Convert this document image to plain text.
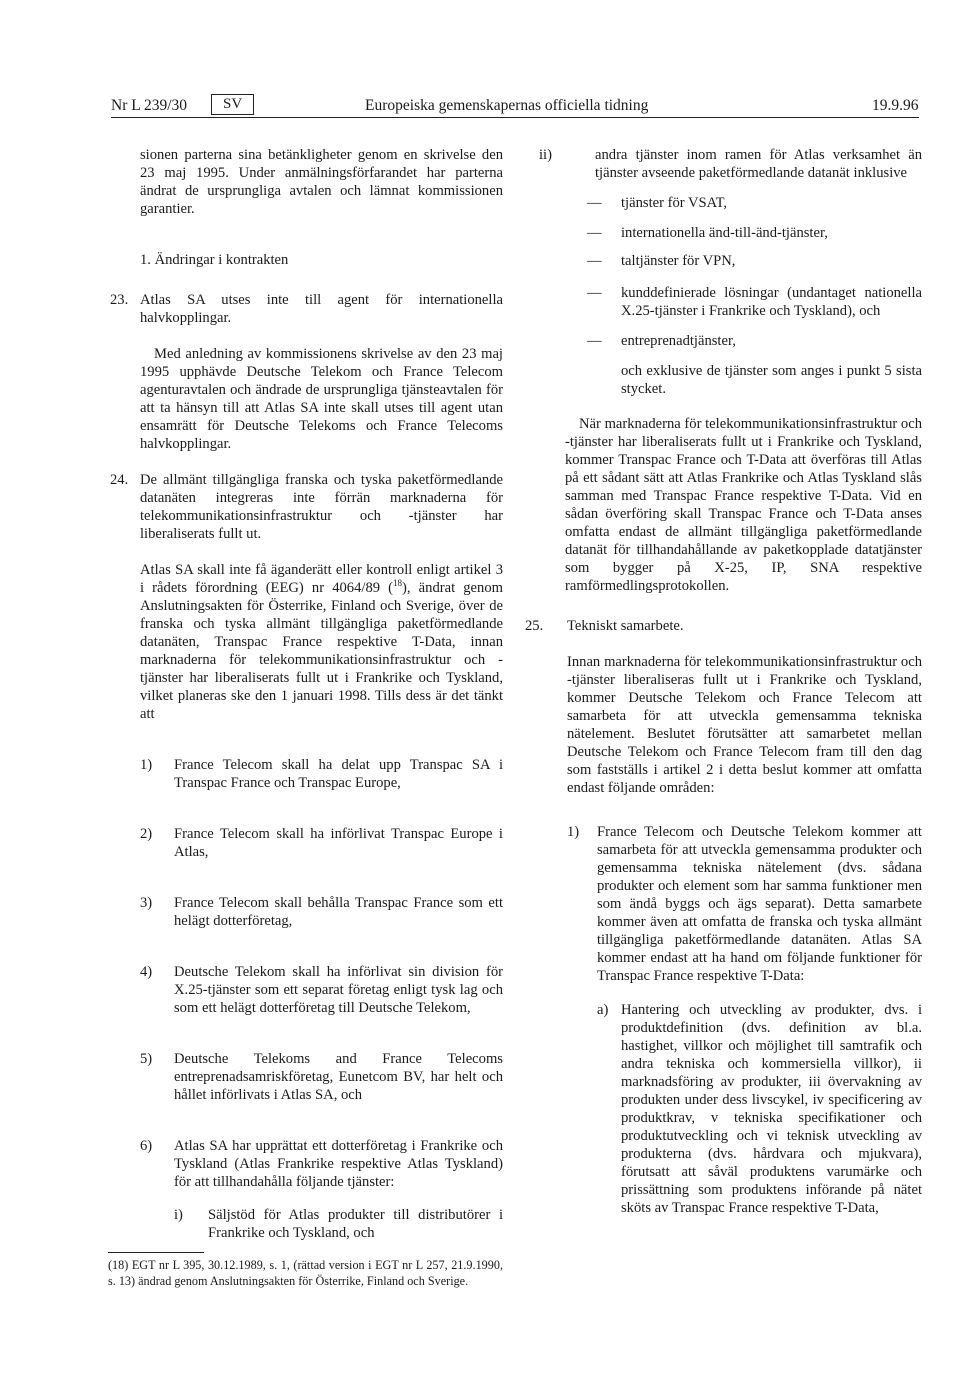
Nr L 239/30	SV	Europeiska gemenskapernas officiella tidning	19.9.96

sionen parterna sina betänkligheter genom en skrivelse den 23 maj 1995. Under anmälningsförfarandet har parterna ändrat de ursprungliga avtalen och lämnat kommissionen garantier.

1. Ändringar i kontrakten

23. Atlas SA utses inte till agent för internationella halvkopplingar.

Med anledning av kommissionens skrivelse av den 23 maj 1995 upphävde Deutsche Telekom och France Telecom agenturavtalen och ändrade de ursprungliga tjänsteavtalen för att ta hänsyn till att Atlas SA inte skall utses till agent utan ensamrätt för Deutsche Telekoms och France Telecoms halvkopplingar.

24. De allmänt tillgängliga franska och tyska paketförmedlande datanäten integreras inte förrän marknaderna för telekommunikationsinfrastruktur och -tjänster har liberaliserats fullt ut.

Atlas SA skall inte få äganderätt eller kontroll enligt artikel 3 i rådets förordning (EEG) nr 4064/89 ($^{18}$), ändrat genom Anslutningsakten för Österrike, Finland och Sverige, över de franska och tyska allmänt tillgängliga paketförmedlande datanäten, Transpac France respektive T-Data, innan marknaderna för telekommunikationsinfrastruktur och -tjänster har liberaliserats fullt ut i Frankrike och Tyskland, vilket planeras ske den 1 januari 1998. Tills dess är det tänkt att

1) France Telecom skall ha delat upp Transpac SA i Transpac France och Transpac Europe,

2) France Telecom skall ha införlivat Transpac Europe i Atlas,

3) France Telecom skall behålla Transpac France som ett helägt dotterföretag,

4) Deutsche Telekom skall ha införlivat sin division för X.25-tjänster som ett separat företag enligt tysk lag och som ett helägt dotterföretag till Deutsche Telekom,

5) Deutsche Telekoms and France Telecoms entreprenadsamriskföretag, Eunetcom BV, har helt och hållet införlivats i Atlas SA, och

6) Atlas SA har upprättat ett dotterföretag i Frankrike och Tyskland (Atlas Frankrike respektive Atlas Tyskland) för att tillhandahålla följande tjänster:

i) Säljstöd för Atlas produkter till distributörer i Frankrike och Tyskland, och

(18) EGT nr L 395, 30.12.1989, s. 1, (rättad version i EGT nr L 257, 21.9.1990, s. 13) ändrad genom Anslutningsakten för Österrike, Finland och Sverige.
ii)	andra tjänster inom ramen för Atlas verksamhet än tjänster avseende paketförmedlande datanät inklusive

— tjänster för VSAT,

— internationella änd-till-änd-tjänster,

— taltjänster för VPN,

— kunddefinierade lösningar (undantaget nationella X.25-tjänster i Frankrike och Tyskland), och

— entreprenadtjänster,

och exklusive de tjänster som anges i punkt 5 sista stycket.

När marknaderna för telekommunikationsinfrastruktur och -tjänster har liberaliserats fullt ut i Frankrike och Tyskland, kommer Transpac France och T-Data att överföras till Atlas på ett sådant sätt att Atlas Frankrike och Atlas Tyskland slås samman med Transpac France respektive T-Data. Vid en sådan överföring skall Transpac France och T-Data anses omfatta endast de allmänt tillgängliga paketförmedlande datanät för tillhandahållande av paketkopplade datatjänster som bygger på X-25, IP, SNA respektive ramförmedlingsprotokollen.

25. Tekniskt samarbete.

Innan marknaderna för telekommunikationsinfrastruktur och -tjänster liberaliseras fullt ut i Frankrike och Tyskland, kommer Deutsche Telekom och France Telecom att samarbeta för att utveckla gemensamma tekniska nätelement. Beslutet förutsätter att samarbetet mellan Deutsche Telekom och France Telecom fram till den dag som fastställs i artikel 2 i detta beslut kommer att omfatta endast följande områden:

1) France Telecom och Deutsche Telekom kommer att samarbeta för att utveckla gemensamma produkter och gemensamma tekniska nätelement (dvs. sådana produkter och element som har samma funktioner men som ändå byggs och ägs separat). Detta samarbete kommer även att omfatta de franska och tyska allmänt tillgängliga paketförmedlande datanäten. Atlas SA kommer endast att ha hand om följande funktioner för Transpac France respektive T-Data:

a) Hantering och utveckling av produkter, dvs. i produktdefinition (dvs. definition av bl.a. hastighet, villkor och möjlighet till samtrafik och andra tekniska och kommersiella villkor), ii marknadsföring av produkter, iii övervakning av produkten under dess livscykel, iv specificering av produktkrav, v tekniska specifikationer och produktutveckling och vi teknisk utveckling av produkterna (dvs. hårdvara och mjukvara), förutsatt att såväl produktens varumärke och prissättning som produktens införande på nätet sköts av Transpac France respektive T-Data,
